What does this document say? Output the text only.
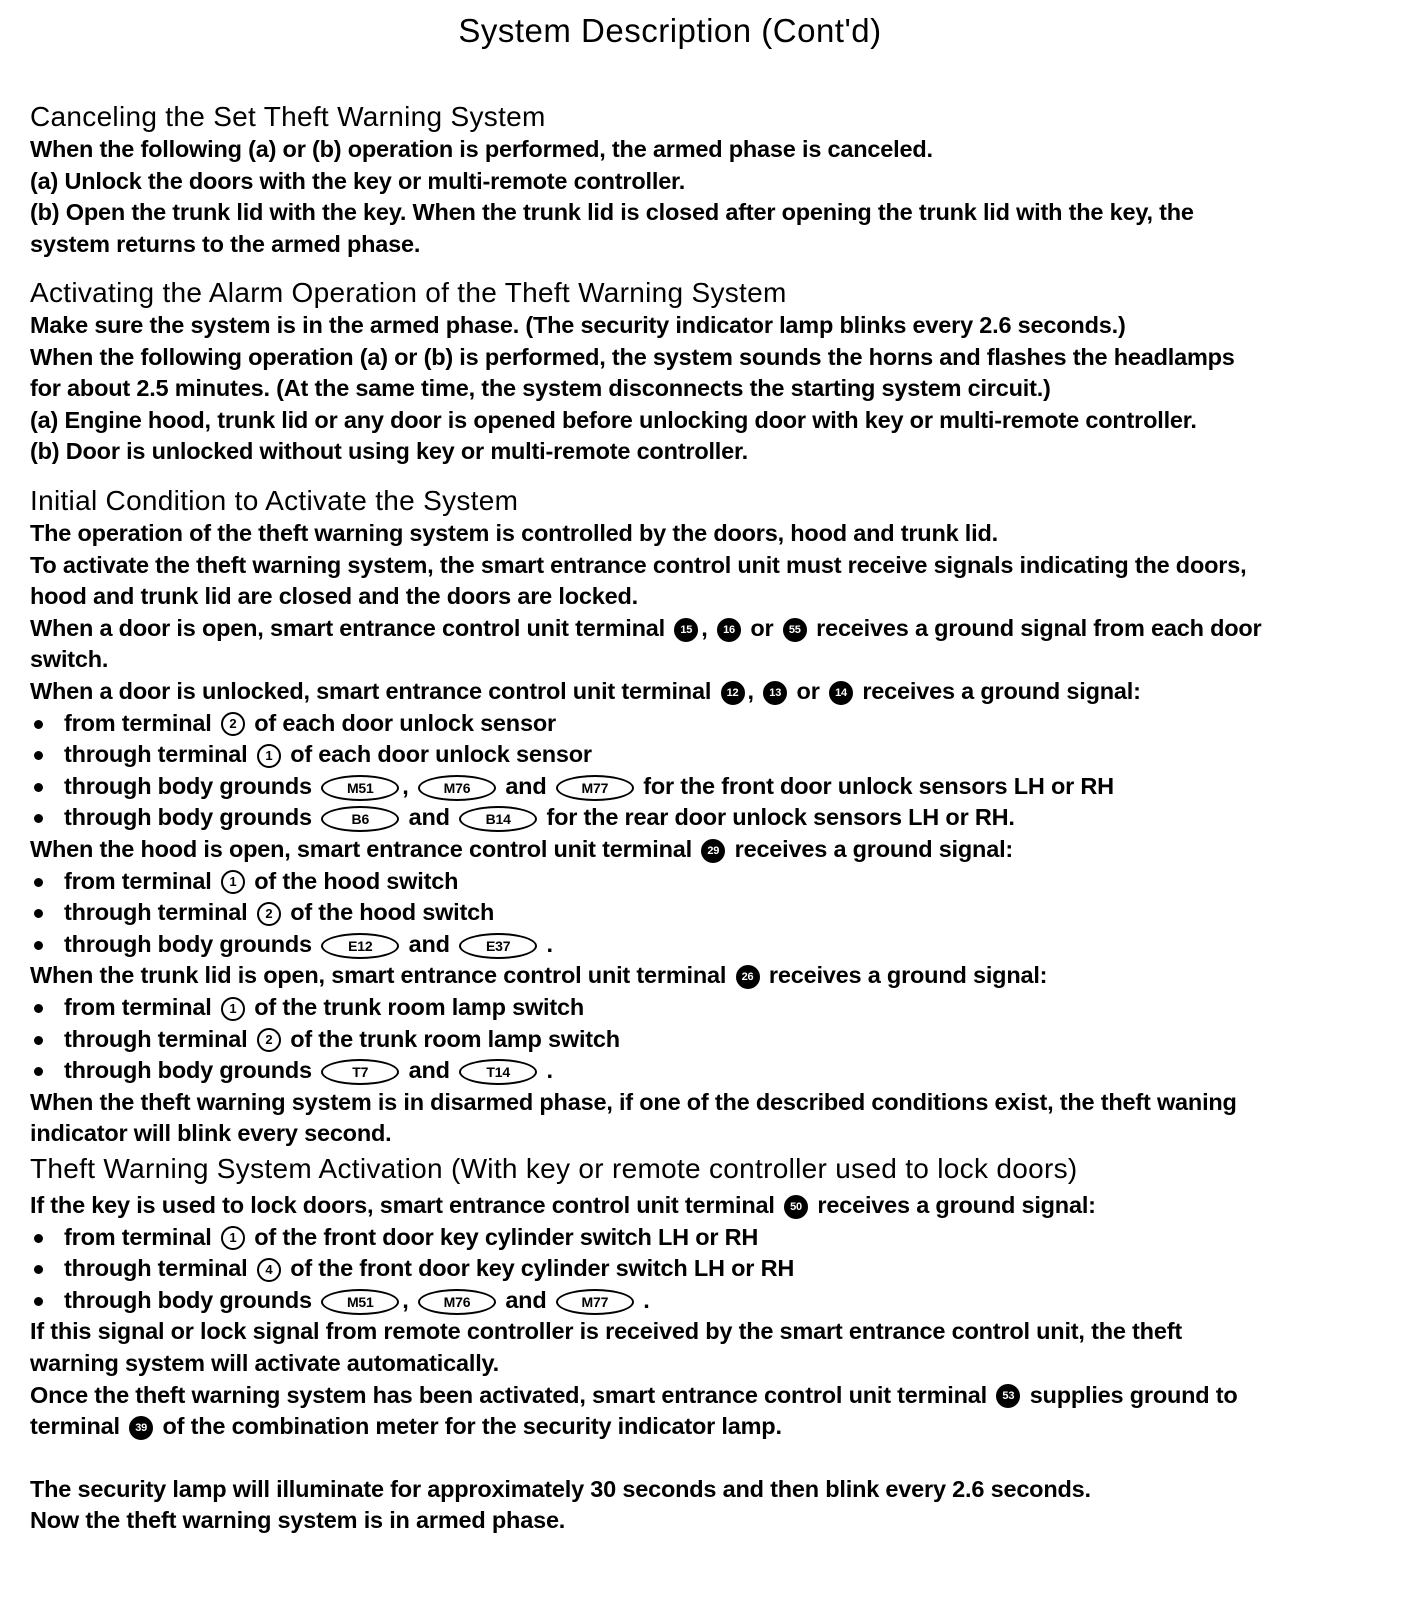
System Description (Cont'd)
Canceling the Set Theft Warning System
When the following (a) or (b) operation is performed, the armed phase is canceled.
(a) Unlock the doors with the key or multi-remote controller.
(b) Open the trunk lid with the key. When the trunk lid is closed after opening the trunk lid with the key, the
system returns to the armed phase.
Activating the Alarm Operation of the Theft Warning System
Make sure the system is in the armed phase. (The security indicator lamp blinks every 2.6 seconds.)
When the following operation (a) or (b) is performed, the system sounds the horns and flashes the headlamps
for about 2.5 minutes. (At the same time, the system disconnects the starting system circuit.)
(a) Engine hood, trunk lid or any door is opened before unlocking door with key or multi-remote controller.
(b) Door is unlocked without using key or multi-remote controller.
Initial Condition to Activate the System
The operation of the theft warning system is controlled by the doors, hood and trunk lid.
To activate the theft warning system, the smart entrance control unit must receive signals indicating the doors,
hood and trunk lid are closed and the doors are locked.
When a door is open, smart entrance control unit terminal 15 , 16 or 55 receives a ground signal from each door
switch.
When a door is unlocked, smart entrance control unit terminal 12 , 13 or 14 receives a ground signal:
from terminal 2 of each door unlock sensor
through terminal 1 of each door unlock sensor
through body grounds	M51 ,	M76 and	M77 for the front door unlock sensors LH or RH
through body grounds	B6 and	B14 for the rear door unlock sensors LH or RH.
When the hood is open, smart entrance control unit terminal 29 receives a ground signal:
from terminal 1 of the hood switch
through terminal 2 of the hood switch
through body grounds	E12 and	E37 .
When the trunk lid is open, smart entrance control unit terminal 26 receives a ground signal:
from terminal 1 of the trunk room lamp switch
through terminal 2 of the trunk room lamp switch
through body grounds	T7 and	T14 .
When the theft warning system is in disarmed phase, if one of the described conditions exist, the theft waning
indicator will blink every second.
Theft Warning System Activation (With key or remote controller used to lock doors)
If the key is used to lock doors, smart entrance control unit terminal 50 receives a ground signal:
from terminal 1 of the front door key cylinder switch LH or RH
through terminal 4 of the front door key cylinder switch LH or RH
through body grounds	M51 ,	M76 and	M77 .
If this signal or lock signal from remote controller is received by the smart entrance control unit, the theft
warning system will activate automatically.
Once the theft warning system has been activated, smart entrance control unit terminal 53 supplies ground to
terminal 39 of the combination meter for the security indicator lamp.
The security lamp will illuminate for approximately 30 seconds and then blink every 2.6 seconds.
Now the theft warning system is in armed phase.
